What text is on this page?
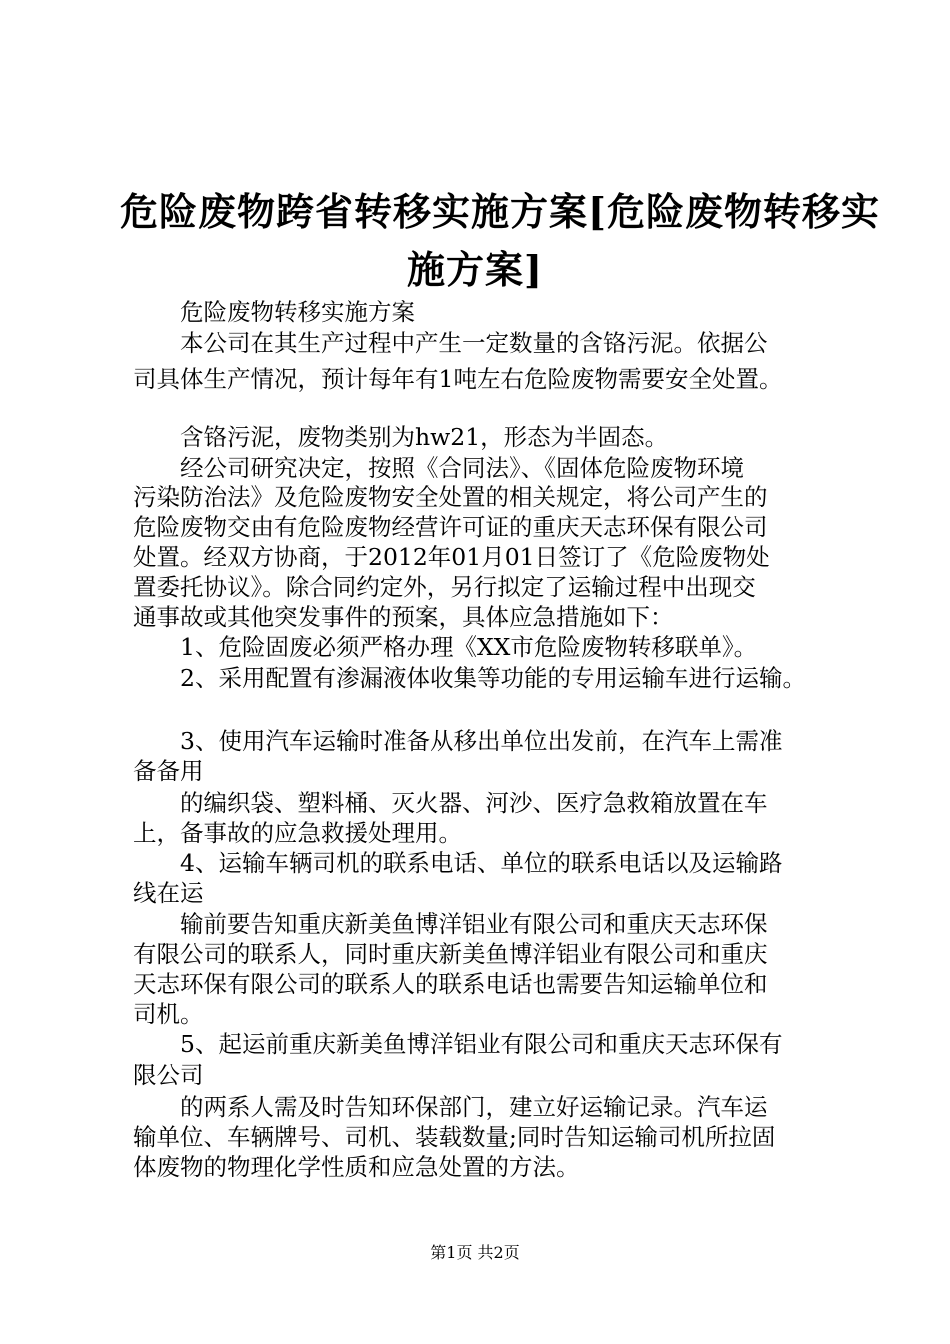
危险废物跨省转移实施方案[危险废物转移实
施方案]
危险废物转移实施方案
本公司在其生产过程中产生一定数量的含铬污泥。依据公
司具体生产情况，预计每年有1吨左右危险废物需要安全处置。
含铬污泥，废物类别为hw21，形态为半固态。
经公司研究决定，按照《合同法》、《固体危险废物环境
污染防治法》及危险废物安全处置的相关规定，将公司产生的
危险废物交由有危险废物经营许可证的重庆天志环保有限公司
处置。经双方协商，于2012年01月01日签订了《危险废物处
置委托协议》。除合同约定外，另行拟定了运输过程中出现交
通事故或其他突发事件的预案，具体应急措施如下：
1、危险固废必须严格办理《XX市危险废物转移联单》。
2、采用配置有渗漏液体收集等功能的专用运输车进行运输。
3、使用汽车运输时准备从移出单位出发前，在汽车上需准
备备用
的编织袋、塑料桶、灭火器、河沙、医疗急救箱放置在车
上，备事故的应急救援处理用。
4、运输车辆司机的联系电话、单位的联系电话以及运输路
线在运
输前要告知重庆新美鱼博洋铝业有限公司和重庆天志环保
有限公司的联系人，同时重庆新美鱼博洋铝业有限公司和重庆
天志环保有限公司的联系人的联系电话也需要告知运输单位和
司机。
5、起运前重庆新美鱼博洋铝业有限公司和重庆天志环保有
限公司
的两系人需及时告知环保部门，建立好运输记录。汽车运
输单位、车辆牌号、司机、装载数量;同时告知运输司机所拉固
体废物的物理化学性质和应急处置的方法。
第1页 共2页
